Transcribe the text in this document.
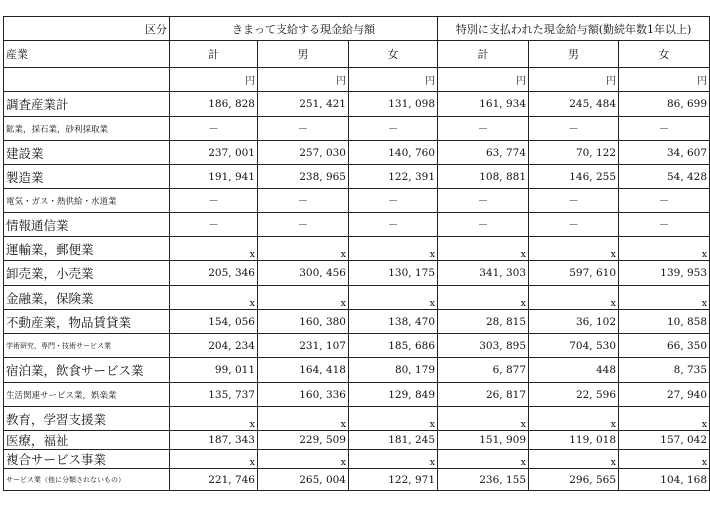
区分	きまって支給する現金給与額			特別に支払われた現金給与額(勤続年数1年以上)		
産業	計	男	女	計	男	女
	円	円	円	円	円	円
調査産業計	186, 828	251, 421	131, 098	161, 934	245, 484	86, 699
鉱業，採石業，砂利採取業	－	－	－	－	－	－
建設業	237, 001	257, 030	140, 760	63, 774	70, 122	34, 607
製造業	191, 941	238, 965	122, 391	108, 881	146, 255	54, 428
電気・ガス・熱供給・水道業	－	－	－	－	－	－
情報通信業	－	－	－	－	－	－
運輸業，郵便業	x	x	x	x	x	x
卸売業，小売業	205, 346	300, 456	130, 175	341, 303	597, 610	139, 953
金融業，保険業	x	x	x	x	x	x
不動産業，物品賃貸業	154, 056	160, 380	138, 470	28, 815	36, 102	10, 858
学術研究，専門・技術サービス業	204, 234	231, 107	185, 686	303, 895	704, 530	66, 350
宿泊業，飲食サービス業	99, 011	164, 418	80, 179	6, 877	448	8, 735
生活関連サービス業，娯楽業	135, 737	160, 336	129, 849	26, 817	22, 596	27, 940
教育，学習支援業	x	x	x	x	x	x
医療，福祉	187, 343	229, 509	181, 245	151, 909	119, 018	157, 042
複合サービス事業	x	x	x	x	x	x
サービス業（他に分類されないもの）	221, 746	265, 004	122, 971	236, 155	296, 565	104, 168
